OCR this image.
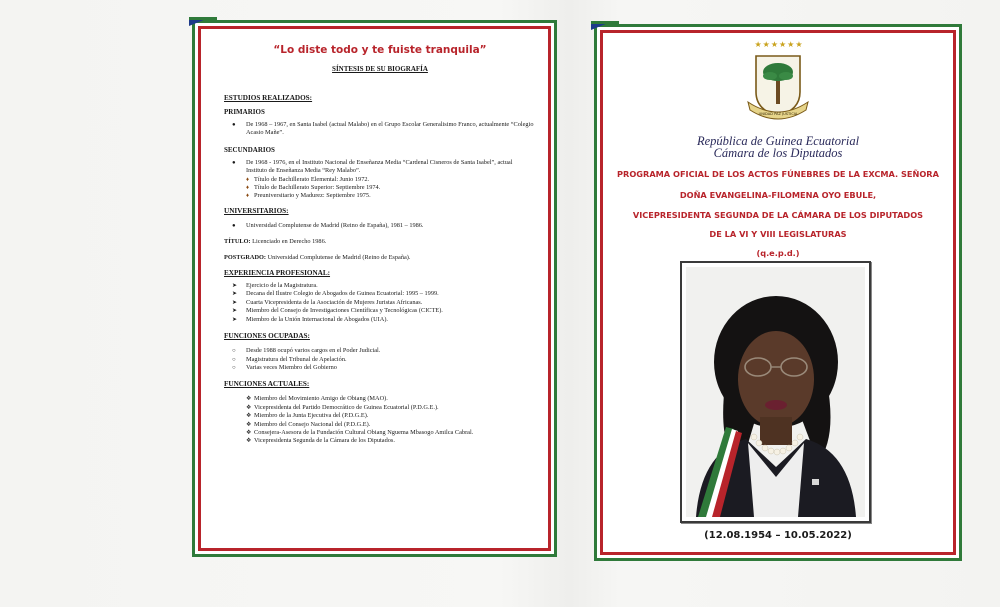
“Lo diste todo y te fuiste tranquila”
SÍNTESIS DE SU BIOGRAFÍA
ESTUDIOS REALIZADOS:
PRIMARIOS
● De 1968 – 1967, en Santa Isabel (actual Malabo) en el Grupo Escolar Generalisimo Franco, actualmente “Colegio Acasio Mañe”.
SECUNDARIOS
● De 1968 - 1976, en el Instituto Nacional de Enseñanza Media “Cardenal Cisneros de Santa Isabel”, actual Instituto de Enseñanza Media “Rey Malabo”.
♦ Título de Bachillerato Elemental: Junio 1972.
♦ Título de Bachillerato Superior: Septiembre 1974.
♦ Preuniversitario y Madurez: Septiembre 1975.
UNIVERSITARIOS:
● Universidad Complutense de Madrid (Reino de España), 1981 – 1986.
TÍTULO: Licenciado en Derecho 1986.
POSTGRADO: Universidad Complutense de Madrid (Reino de España).
EXPERIENCIA PROFESIONAL:
➤ Ejercicio de la Magistratura.
➤ Decana del Ilustre Colegio de Abogados de Guinea Ecuatorial: 1995 – 1999.
➤ Cuarta Vicepresidenta de la Asociación de Mujeres Juristas Africanas.
➤ Miembro del Consejo de Investigaciones Científicas y Tecnológicas (CICTE).
➤ Miembro de la Unión Internacional de Abogados (UIA).
FUNCIONES OCUPADAS:
○ Desde 1988 ocupó varios cargos en el Poder Judicial.
○ Magistratura del Tribunal de Apelación.
○ Varias veces Miembro del Gobierno
FUNCIONES ACTUALES:
❖ Miembro del Movimiento Amigo de Obiang (MAO).
❖ Vicepresidenta del Partido Democrático de Guinea Ecuatorial (P.D.G.E.).
❖ Miembro de la Junta Ejecutiva del (P.D.G.E).
❖ Miembro del Consejo Nacional del (P.D.G.E).
❖ Consejera-Asesora de la Fundación Cultural Obiang Nguema Mbasogo Amilca Cabral.
❖ Vicepresidenta Segunda de la Cámara de los Diputados.
★★★★★★
UNIDAD PAZ JUSTICIA
República de Guinea Ecuatorial
Cámara de los Diputados
PROGRAMA OFICIAL DE LOS ACTOS FÚNEBRES DE LA EXCMA. SEÑORA
DOÑA EVANGELINA-FILOMENA OYO EBULE,
VICEPRESIDENTA SEGUNDA DE LA CÁMARA DE LOS DIPUTADOS
DE LA VI Y VIII LEGISLATURAS
(q.e.p.d.)
(12.08.1954 – 10.05.2022)
